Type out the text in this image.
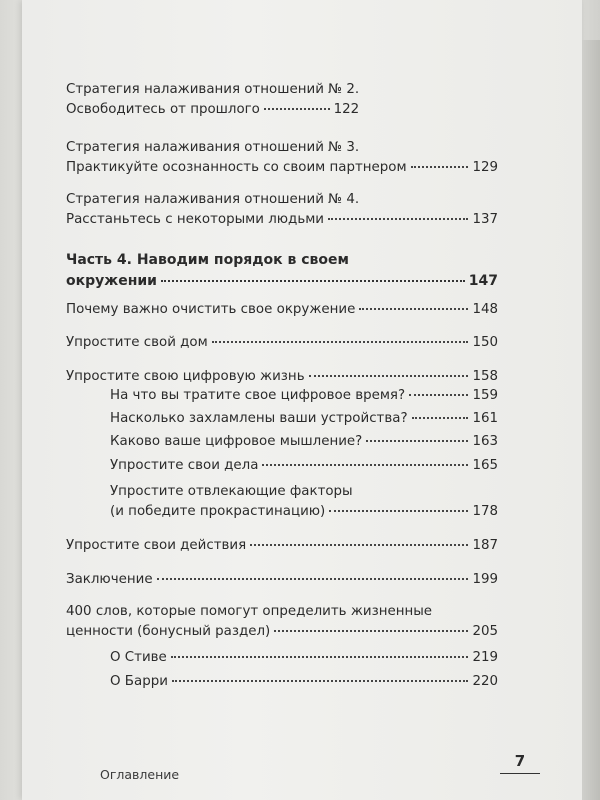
Стратегия налаживания отношений № 2.
Освободитесь от прошлого	122
Стратегия налаживания отношений № 3.
Практикуйте осознанность со своим партнером	129
Стратегия налаживания отношений № 4.
Расстаньтесь с некоторыми людьми	137
Часть 4. Наводим порядок в своем
окружении	147
Почему важно очистить свое окружение	148
Упростите свой дом	150
Упростите свою цифровую жизнь	158
На что вы тратите свое цифровое время?	159
Насколько захламлены ваши устройства?	161
Каково ваше цифровое мышление?	163
Упростите свои дела	165
Упростите отвлекающие факторы
(и победите прокрастинацию)	178
Упростите свои действия	187
Заключение	199
400 слов, которые помогут определить жизненные
ценности (бонусный раздел)	205
О Стиве	219
О Барри	220
Оглавление
7
